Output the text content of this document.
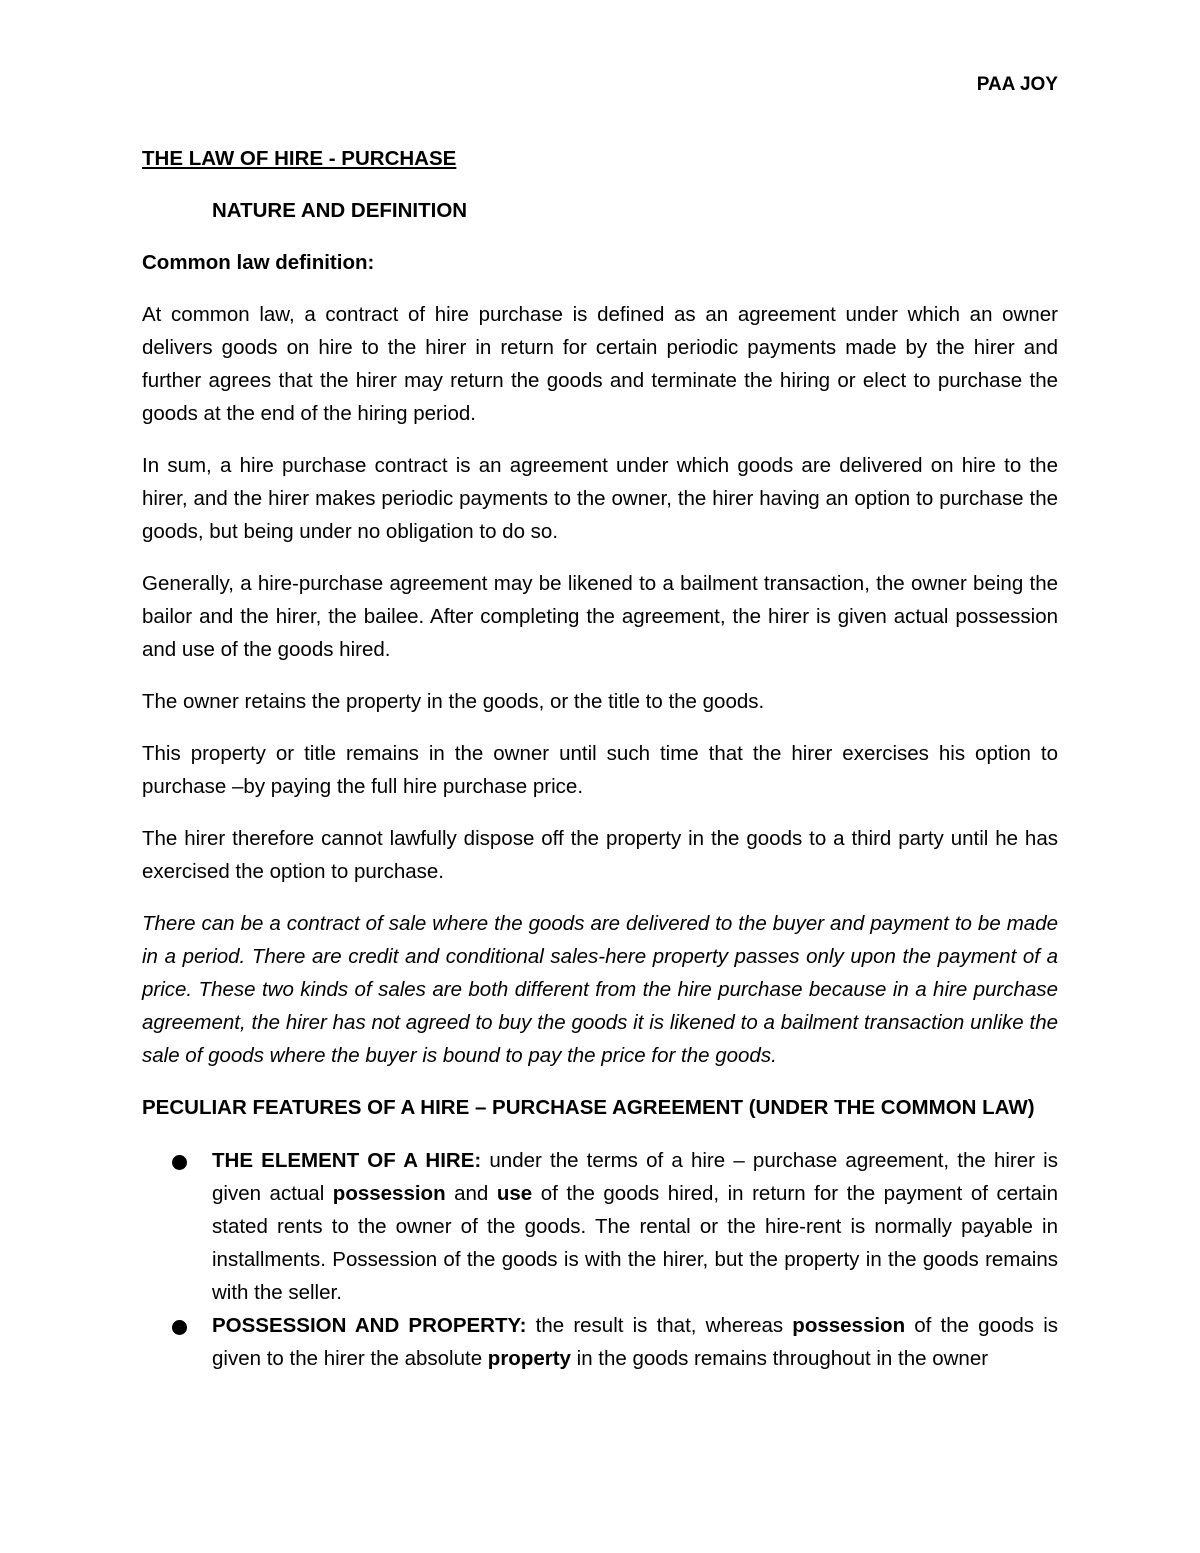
PAA JOY
THE LAW OF HIRE - PURCHASE
NATURE AND DEFINITION
Common law definition:

At common law, a contract of hire purchase is defined as an agreement under which an owner delivers goods on hire to the hirer in return for certain periodic payments made by the hirer and further agrees that the hirer may return the goods and terminate the hiring or elect to purchase the goods at the end of the hiring period.

In sum, a hire purchase contract is an agreement under which goods are delivered on hire to the hirer, and the hirer makes periodic payments to the owner, the hirer having an option to purchase the goods, but being under no obligation to do so.

Generally, a hire-purchase agreement may be likened to a bailment transaction, the owner being the bailor and the hirer, the bailee. After completing the agreement, the hirer is given actual possession and use of the goods hired.

The owner retains the property in the goods, or the title to the goods.

This property or title remains in the owner until such time that the hirer exercises his option to purchase –by paying the full hire purchase price.

The hirer therefore cannot lawfully dispose off the property in the goods to a third party until he has exercised the option to purchase.

There can be a contract of sale where the goods are delivered to the buyer and payment to be made in a period. There are credit and conditional sales-here property passes only upon the payment of a price. These two kinds of sales are both different from the hire purchase because in a hire purchase agreement, the hirer has not agreed to buy the goods it is likened to a bailment transaction unlike the sale of goods where the buyer is bound to pay the price for the goods.

PECULIAR FEATURES OF A HIRE – PURCHASE AGREEMENT (UNDER THE COMMON LAW)
THE ELEMENT OF A HIRE: under the terms of a hire – purchase agreement, the hirer is given actual possession and use of the goods hired, in return for the payment of certain stated rents to the owner of the goods. The rental or the hire-rent is normally payable in installments. Possession of the goods is with the hirer, but the property in the goods remains with the seller.
POSSESSION AND PROPERTY: the result is that, whereas possession of the goods is given to the hirer the absolute property in the goods remains throughout in the owner
